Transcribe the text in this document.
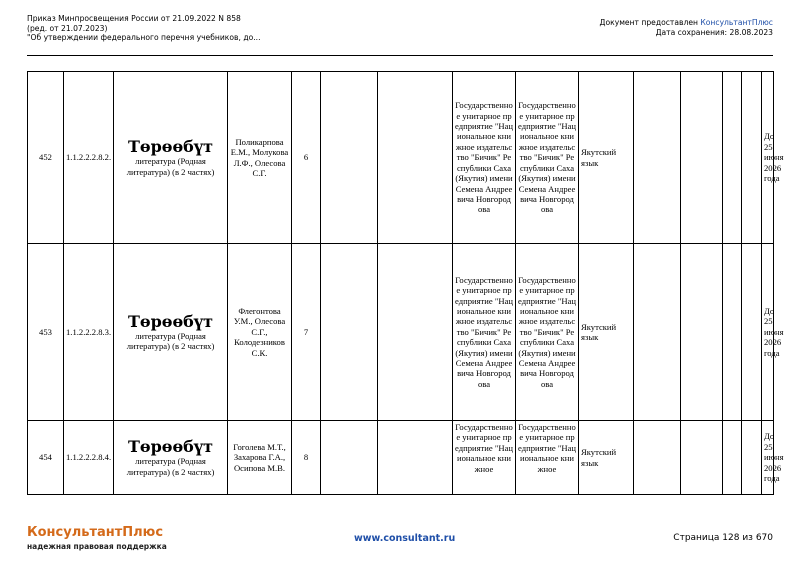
Приказ Минпросвещения России от 21.09.2022 N 858
(ред. от 21.07.2023)
"Об утверждении федерального перечня учебников, до...
Документ предоставлен КонсультантПлюс
Дата сохранения: 28.08.2023
452	1.1.2.2.2.8.2.	Төрөөбүт
литература (Родная литература) (в 2 частях)	Поликарпова Е.М., Молукова Л.Ф., Олесова С.Г.	6			Государственное унитарное предприятие "Национальное книжное издательство "Бичик" Республики Саха (Якутия) имени Семена Андреевича Новгородова	Государственное унитарное предприятие "Национальное книжное издательство "Бичик" Республики Саха (Якутия) имени Семена Андреевича Новгородова	Якутский язык					До 25 июня 2026 года
453	1.1.2.2.2.8.3.	Төрөөбүт
литература (Родная литература) (в 2 частях)	Флегонтова У.М., Олесова С.Г., Колодезников С.К.	7			Государственное унитарное предприятие "Национальное книжное издательство "Бичик" Республики Саха (Якутия) имени Семена Андреевича Новгородова	Государственное унитарное предприятие "Национальное книжное издательство "Бичик" Республики Саха (Якутия) имени Семена Андреевича Новгородова	Якутский язык					До 25 июня 2026 года
454	1.1.2.2.2.8.4.	Төрөөбүт
литература (Родная литература) (в 2 частях)	Гоголева М.Т., Захарова Г.А., Осипова М.В.	8			Государственное унитарное предприятие "Национальное книжное	Государственное унитарное предприятие "Национальное книжное	Якутский язык					До 25 июня 2026 года
КонсультантПлюс
надежная правовая поддержка
www.consultant.ru	Страница 128 из 670
